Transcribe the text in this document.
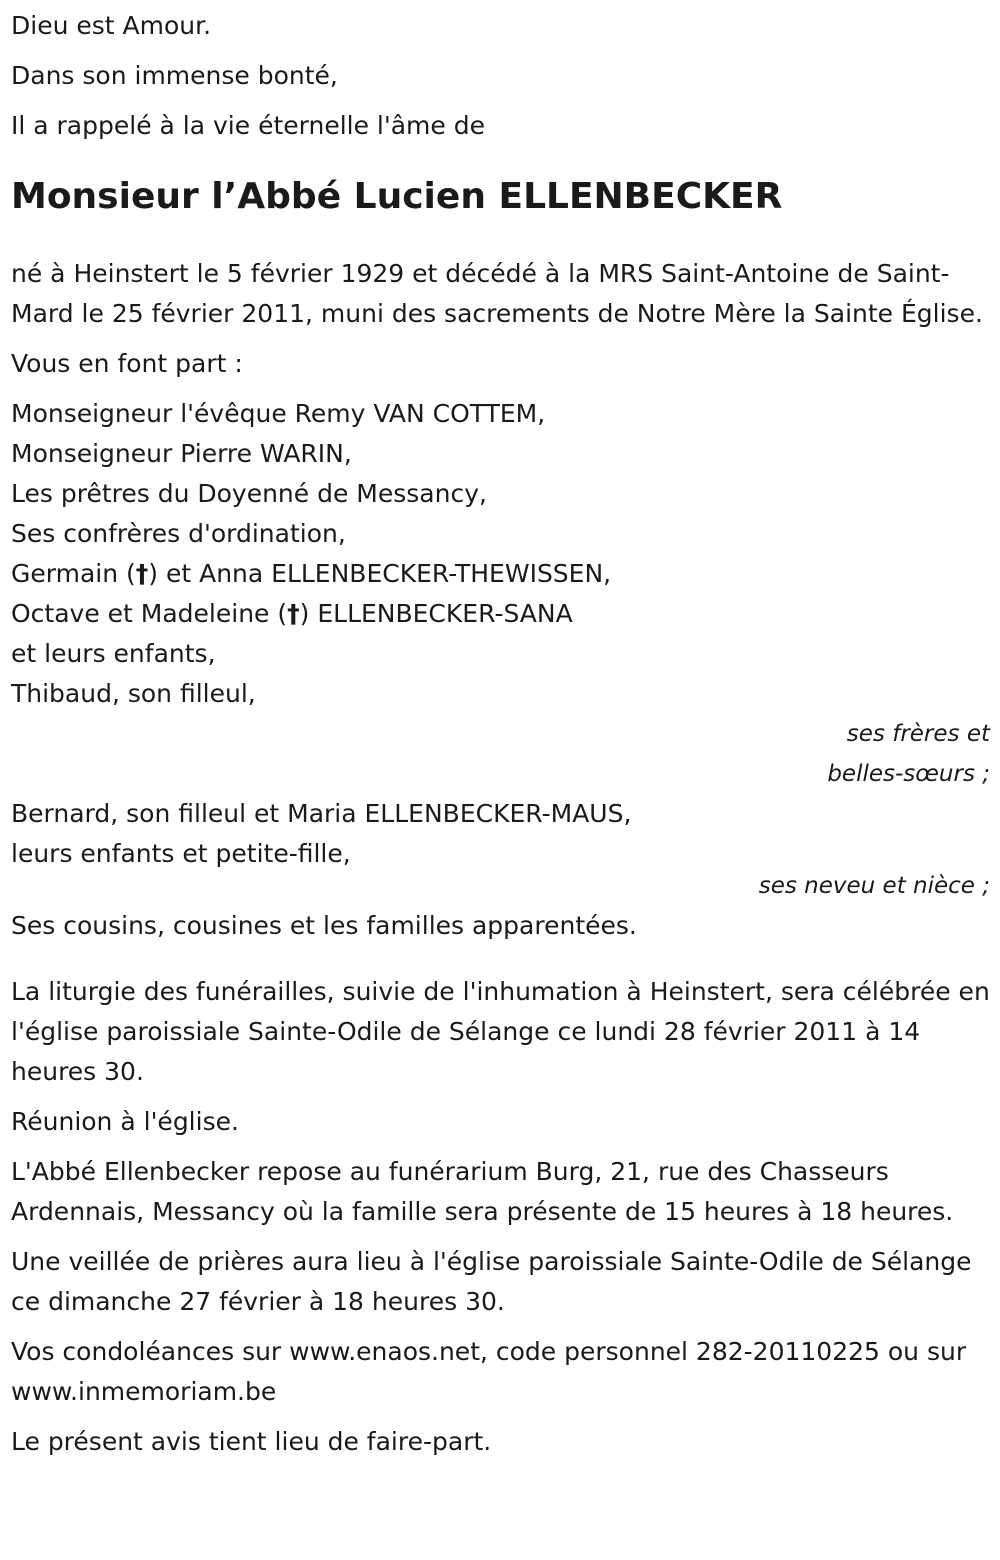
Dieu est Amour.
Dans son immense bonté,
Il a rappelé à la vie éternelle l'âme de
Monsieur l’Abbé Lucien ELLENBECKER

né à Heinstert le 5 février 1929 et décédé à la MRS Saint-Antoine de Saint-Mard le 25 février 2011, muni des sacrements de Notre Mère la Sainte Église.

Vous en font part :

Monseigneur l'évêque Remy VAN COTTEM,
Monseigneur Pierre WARIN,
Les prêtres du Doyenné de Messancy,
Ses confrères d'ordination,
Germain (†) et Anna ELLENBECKER-THEWISSEN,
Octave et Madeleine (†) ELLENBECKER-SANA
et leurs enfants,
Thibaud, son filleul,
ses frères et
belles-sœurs ;
Bernard, son filleul et Maria ELLENBECKER-MAUS,
leurs enfants et petite-fille,
ses neveu et nièce ;
Ses cousins, cousines et les familles apparentées.

La liturgie des funérailles, suivie de l'inhumation à Heinstert, sera célébrée en l'église paroissiale Sainte-Odile de Sélange ce lundi 28 février 2011 à 14 heures 30.

Réunion à l'église.

L'Abbé Ellenbecker repose au funérarium Burg, 21, rue des Chasseurs Ardennais, Messancy où la famille sera présente de 15 heures à 18 heures.

Une veillée de prières aura lieu à l'église paroissiale Sainte-Odile de Sélange ce dimanche 27 février à 18 heures 30.

Vos condoléances sur www.enaos.net, code personnel 282-20110225 ou sur www.inmemoriam.be

Le présent avis tient lieu de faire-part.
